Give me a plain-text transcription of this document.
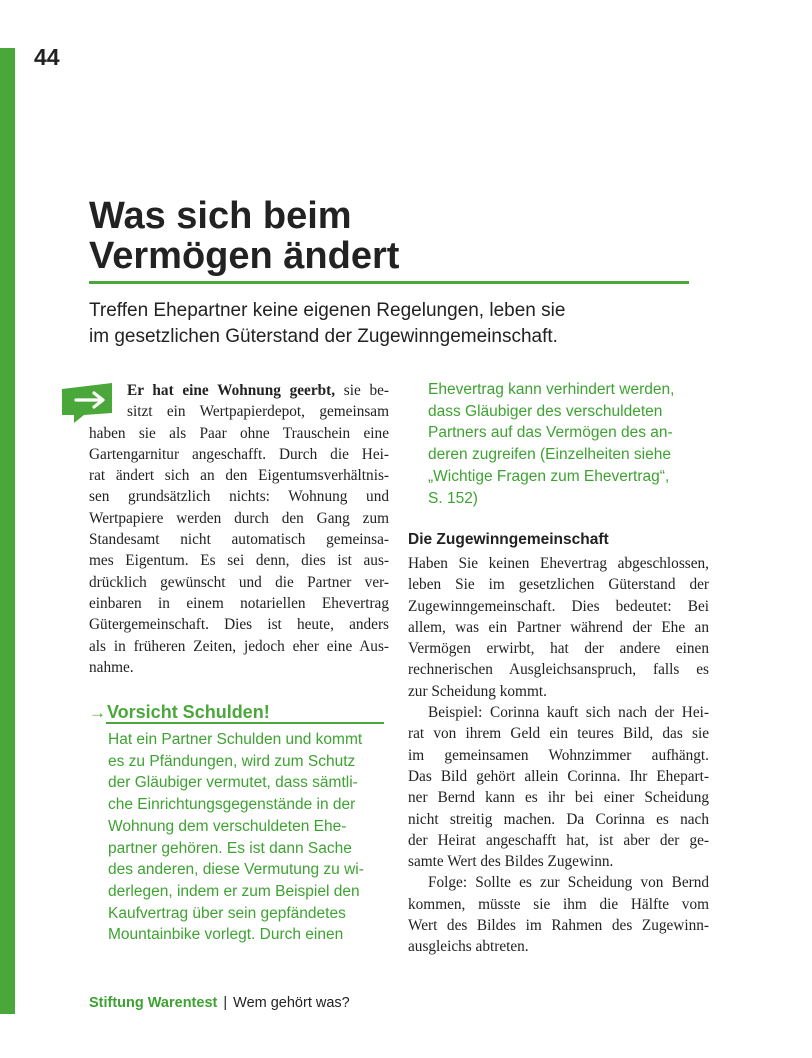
44
Was sich beim
Vermögen ändert

Treffen Ehepartner keine eigenen Regelungen, leben sie
im gesetzlichen Güterstand der Zugewinngemeinschaft.

Er hat eine Wohnung geerbt, sie be-
sitzt ein Wertpapierdepot, gemeinsam
haben sie als Paar ohne Trauschein eine
Gartengarnitur angeschafft. Durch die Hei-
rat ändert sich an den Eigentumsverhältnis-
sen grundsätzlich nichts: Wohnung und
Wertpapiere werden durch den Gang zum
Standesamt nicht automatisch gemeinsa-
mes Eigentum. Es sei denn, dies ist aus-
drücklich gewünscht und die Partner ver-
einbaren in einem notariellen Ehevertrag
Gütergemeinschaft. Dies ist heute, anders
als in früheren Zeiten, jedoch eher eine Aus-
nahme.
→Vorsicht Schulden!
Hat ein Partner Schulden und kommt
es zu Pfändungen, wird zum Schutz
der Gläubiger vermutet, dass sämtli-
che Einrichtungsgegenstände in der
Wohnung dem verschuldeten Ehe-
partner gehören. Es ist dann Sache
des anderen, diese Vermutung zu wi-
derlegen, indem er zum Beispiel den
Kaufvertrag über sein gepfändetes
Mountainbike vorlegt. Durch einen
Ehevertrag kann verhindert werden,
dass Gläubiger des verschuldeten
Partners auf das Vermögen des an-
deren zugreifen (Einzelheiten siehe
„Wichtige Fragen zum Ehevertrag“,
S. 152)
Die Zugewinngemeinschaft
Haben Sie keinen Ehevertrag abgeschlossen,
leben Sie im gesetzlichen Güterstand der
Zugewinngemeinschaft. Dies bedeutet: Bei
allem, was ein Partner während der Ehe an
Vermögen erwirbt, hat der andere einen
rechnerischen Ausgleichsanspruch, falls es
zur Scheidung kommt.
Beispiel: Corinna kauft sich nach der Hei-
rat von ihrem Geld ein teures Bild, das sie
im gemeinsamen Wohnzimmer aufhängt.
Das Bild gehört allein Corinna. Ihr Ehepart-
ner Bernd kann es ihr bei einer Scheidung
nicht streitig machen. Da Corinna es nach
der Heirat angeschafft hat, ist aber der ge-
samte Wert des Bildes Zugewinn.
Folge: Sollte es zur Scheidung von Bernd
kommen, müsste sie ihm die Hälfte vom
Wert des Bildes im Rahmen des Zugewinn-
ausgleichs abtreten.
Stiftung Warentest | Wem gehört was?
